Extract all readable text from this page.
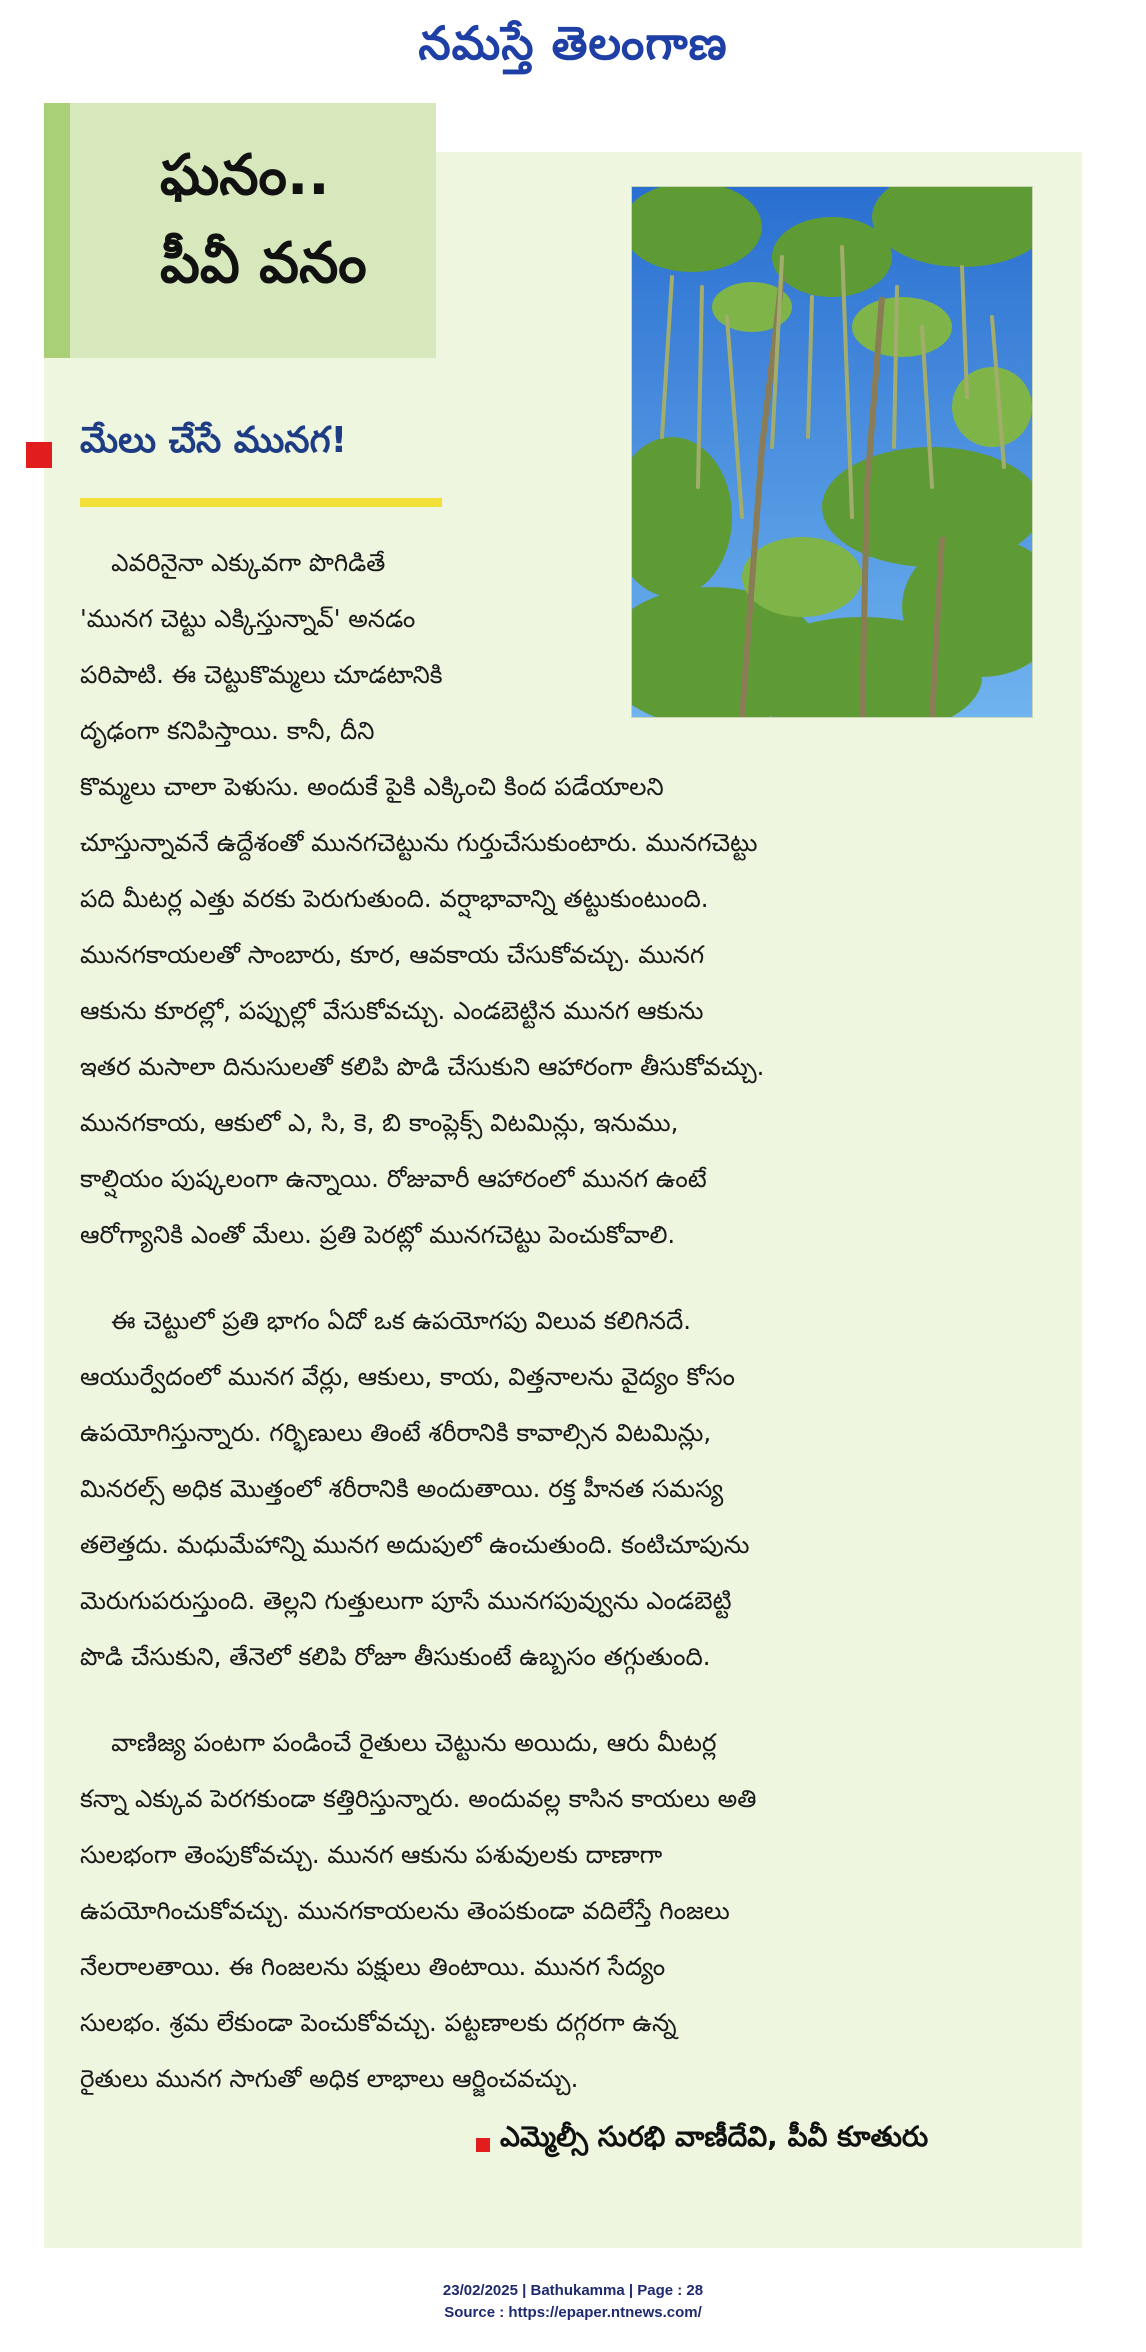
నమస్తే తెలంగాణ
ఘనం..
పీవీ వనం
మేలు చేసే మునగ!
ఎవరినైనా ఎక్కువగా పొగిడితే
'మునగ చెట్టు ఎక్కిస్తున్నావ్' అనడం
పరిపాటి. ఈ చెట్టుకొమ్మలు చూడటానికి
దృఢంగా కనిపిస్తాయి. కానీ, దీని
కొమ్మలు చాలా పెళుసు. అందుకే పైకి ఎక్కించి కింద పడేయాలని
చూస్తున్నావనే ఉద్దేశంతో మునగచెట్టును గుర్తుచేసుకుంటారు. మునగచెట్టు
పది మీటర్ల ఎత్తు వరకు పెరుగుతుంది. వర్షాభావాన్ని తట్టుకుంటుంది.
మునగకాయలతో సాంబారు, కూర, ఆవకాయ చేసుకోవచ్చు. మునగ
ఆకును కూరల్లో, పప్పుల్లో వేసుకోవచ్చు. ఎండబెట్టిన మునగ ఆకును
ఇతర మసాలా దినుసులతో కలిపి పొడి చేసుకుని ఆహారంగా తీసుకోవచ్చు.
మునగకాయ, ఆకులో ఎ, సి, కె, బి కాంప్లెక్స్ విటమిన్లు, ఇనుము,
కాల్షియం పుష్కలంగా ఉన్నాయి. రోజువారీ ఆహారంలో మునగ ఉంటే
ఆరోగ్యానికి ఎంతో మేలు. ప్రతి పెరట్లో మునగచెట్టు పెంచుకోవాలి.
ఈ చెట్టులో ప్రతి భాగం ఏదో ఒక ఉపయోగపు విలువ కలిగినదే.
ఆయుర్వేదంలో మునగ వేర్లు, ఆకులు, కాయ, విత్తనాలను వైద్యం కోసం
ఉపయోగిస్తున్నారు. గర్భిణులు తింటే శరీరానికి కావాల్సిన విటమిన్లు,
మినరల్స్ అధిక మొత్తంలో శరీరానికి అందుతాయి. రక్త హీనత సమస్య
తలెత్తదు. మధుమేహాన్ని మునగ అదుపులో ఉంచుతుంది. కంటిచూపును
మెరుగుపరుస్తుంది. తెల్లని గుత్తులుగా పూసే మునగపువ్వును ఎండబెట్టి
పొడి చేసుకుని, తేనెలో కలిపి రోజూ తీసుకుంటే ఉబ్బసం తగ్గుతుంది.
వాణిజ్య పంటగా పండించే రైతులు చెట్టును అయిదు, ఆరు మీటర్ల
కన్నా ఎక్కువ పెరగకుండా కత్తిరిస్తున్నారు. అందువల్ల కాసిన కాయలు అతి
సులభంగా తెంపుకోవచ్చు. మునగ ఆకును పశువులకు దాణాగా
ఉపయోగించుకోవచ్చు. మునగకాయలను తెంపకుండా వదిలేస్తే గింజలు
నేలరాలతాయి. ఈ గింజలను పక్షులు తింటాయి. మునగ సేద్యం
సులభం. శ్రమ లేకుండా పెంచుకోవచ్చు. పట్టణాలకు దగ్గరగా ఉన్న
రైతులు మునగ సాగుతో అధిక లాభాలు ఆర్జించవచ్చు.
ఎమ్మెల్సీ సురభి వాణీదేవి, పీవీ కూతురు
23/02/2025 | Bathukamma | Page : 28
Source : https://epaper.ntnews.com/
